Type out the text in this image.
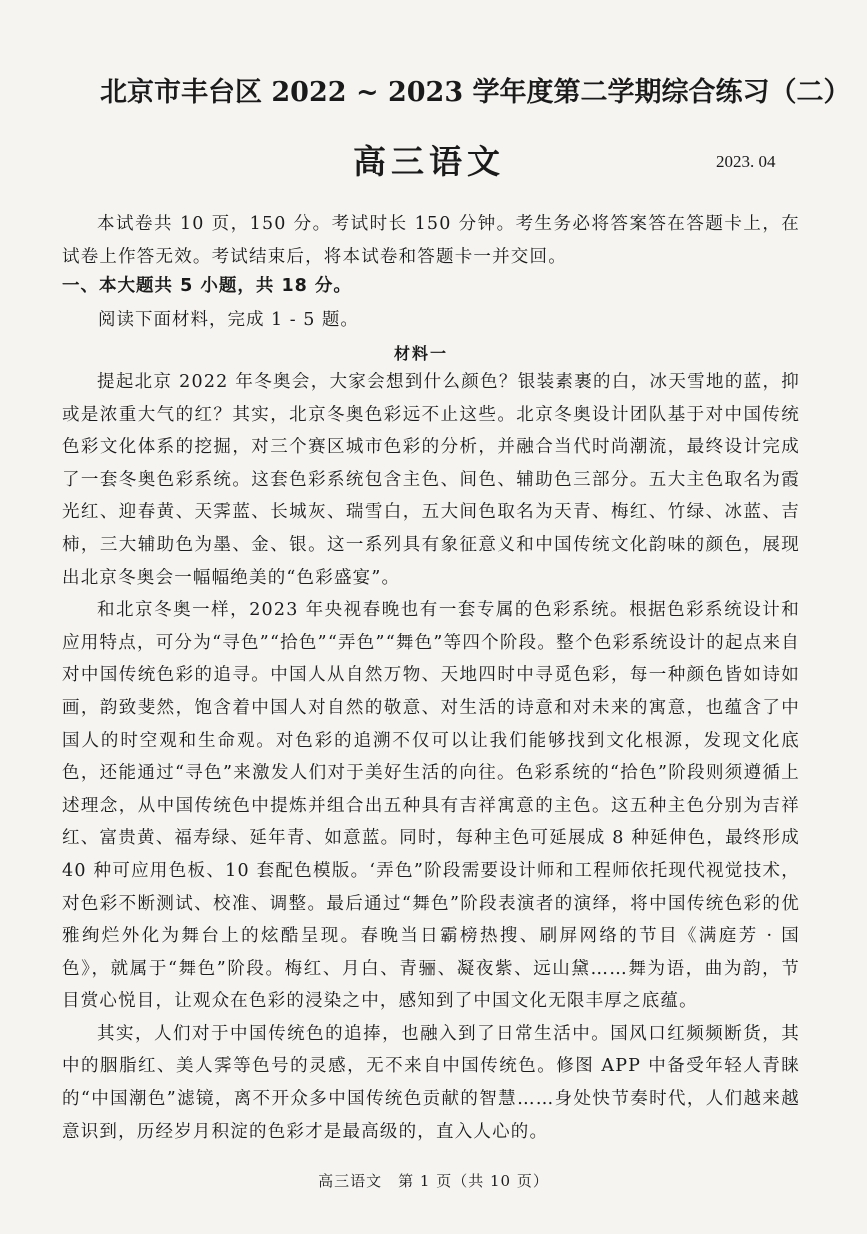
北京市丰台区 2022 ~ 2023 学年度第二学期综合练习（二）
高三语文	2023. 04

本试卷共 10 页，150 分。考试时长 150 分钟。考生务必将答案答在答题卡上，在试卷上作答无效。考试结束后，将本试卷和答题卡一并交回。

一、本大题共 5 小题，共 18 分。
阅读下面材料，完成 1 - 5 题。
材料一

提起北京 2022 年冬奥会，大家会想到什么颜色？银装素裹的白，冰天雪地的蓝，抑或是浓重大气的红？其实，北京冬奥色彩远不止这些。北京冬奥设计团队基于对中国传统色彩文化体系的挖掘，对三个赛区城市色彩的分析，并融合当代时尚潮流，最终设计完成了一套冬奥色彩系统。这套色彩系统包含主色、间色、辅助色三部分。五大主色取名为霞光红、迎春黄、天霁蓝、长城灰、瑞雪白，五大间色取名为天青、梅红、竹绿、冰蓝、吉柿，三大辅助色为墨、金、银。这一系列具有象征意义和中国传统文化韵味的颜色，展现出北京冬奥会一幅幅绝美的“色彩盛宴”。

和北京冬奥一样，2023 年央视春晚也有一套专属的色彩系统。根据色彩系统设计和应用特点，可分为“寻色”“拾色”“弄色”“舞色”等四个阶段。整个色彩系统设计的起点来自对中国传统色彩的追寻。中国人从自然万物、天地四时中寻觅色彩，每一种颜色皆如诗如画，韵致斐然，饱含着中国人对自然的敬意、对生活的诗意和对未来的寓意，也蕴含了中国人的时空观和生命观。对色彩的追溯不仅可以让我们能够找到文化根源，发现文化底色，还能通过“寻色”来激发人们对于美好生活的向往。色彩系统的“拾色”阶段则须遵循上述理念，从中国传统色中提炼并组合出五种具有吉祥寓意的主色。这五种主色分别为吉祥红、富贵黄、福寿绿、延年青、如意蓝。同时，每种主色可延展成 8 种延伸色，最终形成 40 种可应用色板、10 套配色模版。‘弄色”阶段需要设计师和工程师依托现代视觉技术，对色彩不断测试、校准、调整。最后通过“舞色”阶段表演者的演绎，将中国传统色彩的优雅绚烂外化为舞台上的炫酷呈现。春晚当日霸榜热搜、刷屏网络的节目《满庭芳 · 国色》，就属于“舞色”阶段。梅红、月白、青骊、凝夜紫、远山黛……舞为语，曲为韵，节目赏心悦目，让观众在色彩的浸染之中，感知到了中国文化无限丰厚之底蕴。

其实，人们对于中国传统色的追捧，也融入到了日常生活中。国风口红频频断货，其中的胭脂红、美人霁等色号的灵感，无不来自中国传统色。修图 APP 中备受年轻人青睐的“中国潮色”滤镜，离不开众多中国传统色贡献的智慧……身处快节奏时代，人们越来越意识到，历经岁月积淀的色彩才是最高级的，直入人心的。

高三语文　第 1 页（共 10 页）
